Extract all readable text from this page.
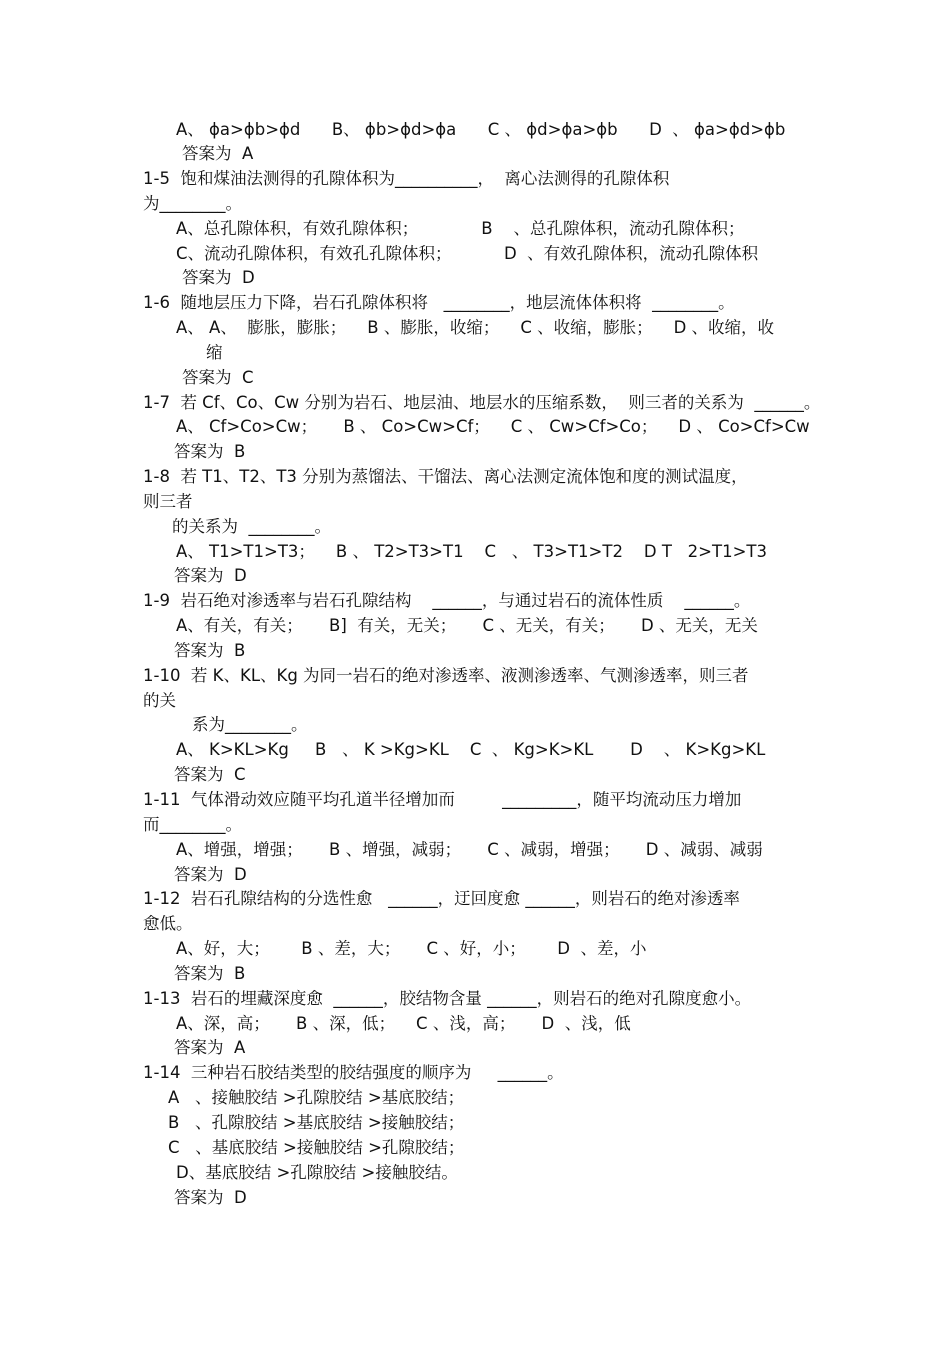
A、 ϕa>ϕb>ϕd      B、 ϕb>ϕd>ϕa      C 、 ϕd>ϕa>ϕb      D  、 ϕa>ϕd>ϕb
答案为  A
1-5  饱和煤油法测得的孔隙体积为__________，  离心法测得的孔隙体积
为________。
A、总孔隙体积，有效孔隙体积；            B    、总孔隙体积，流动孔隙体积；
C、流动孔隙体积，有效孔孔隙体积；          D  、有效孔隙体积，流动孔隙体积
答案为  D
1-6  随地层压力下降，岩石孔隙体积将   ________，地层流体体积将  ________。
A、 A、  膨胀，膨胀；    B 、膨胀，收缩；    C 、收缩，膨胀；    D 、收缩，收
缩
答案为  C
1-7  若 Cf、Co、Cw 分别为岩石、地层油、地层水的压缩系数，  则三者的关系为  ______。
A、 Cf>Co>Cw；     B 、 Co>Cw>Cf；    C 、 Cw>Cf>Co；    D 、 Co>Cf>Cw
答案为  B
1-8  若 T1、T2、T3 分别为蒸馏法、干馏法、离心法测定流体饱和度的测试温度，
则三者
的关系为  ________。
A、 T1>T1>T3；    B 、 T2>T3>T1    C   、 T3>T1>T2    D T   2>T1>T3
答案为  D
1-9  岩石绝对渗透率与岩石孔隙结构    ______，与通过岩石的流体性质    ______。
A、有关，有关；     B]  有关，无关；     C 、无关，有关；     D 、无关，无关
答案为  B
1-10  若 K、KL、Kg 为同一岩石的绝对渗透率、液测渗透率、气测渗透率，则三者
的关
系为________。
A、 K>KL>Kg     B   、 K >Kg>KL    C  、 Kg>K>KL       D    、 K>Kg>KL
答案为  C
1-11  气体滑动效应随平均孔道半径增加而         _________，随平均流动压力增加
而________。
A、增强，增强；     B 、增强，减弱；     C 、减弱，增强；     D 、减弱、减弱
答案为  D
1-12  岩石孔隙结构的分选性愈   ______，迂回度愈 ______，则岩石的绝对渗透率
愈低。
A、好，大；      B 、差，大；     C 、好，小；      D  、差，小
答案为  B
1-13  岩石的埋藏深度愈  ______，胶结物含量 ______，则岩石的绝对孔隙度愈小。
A、深，高；     B 、深，低；    C 、浅，高；     D  、浅，低
答案为  A
1-14  三种岩石胶结类型的胶结强度的顺序为     ______。
A   、接触胶结 >孔隙胶结 >基底胶结；
B   、孔隙胶结 >基底胶结 >接触胶结；
C   、基底胶结 >接触胶结 >孔隙胶结；
D、基底胶结 >孔隙胶结 >接触胶结。
答案为  D
